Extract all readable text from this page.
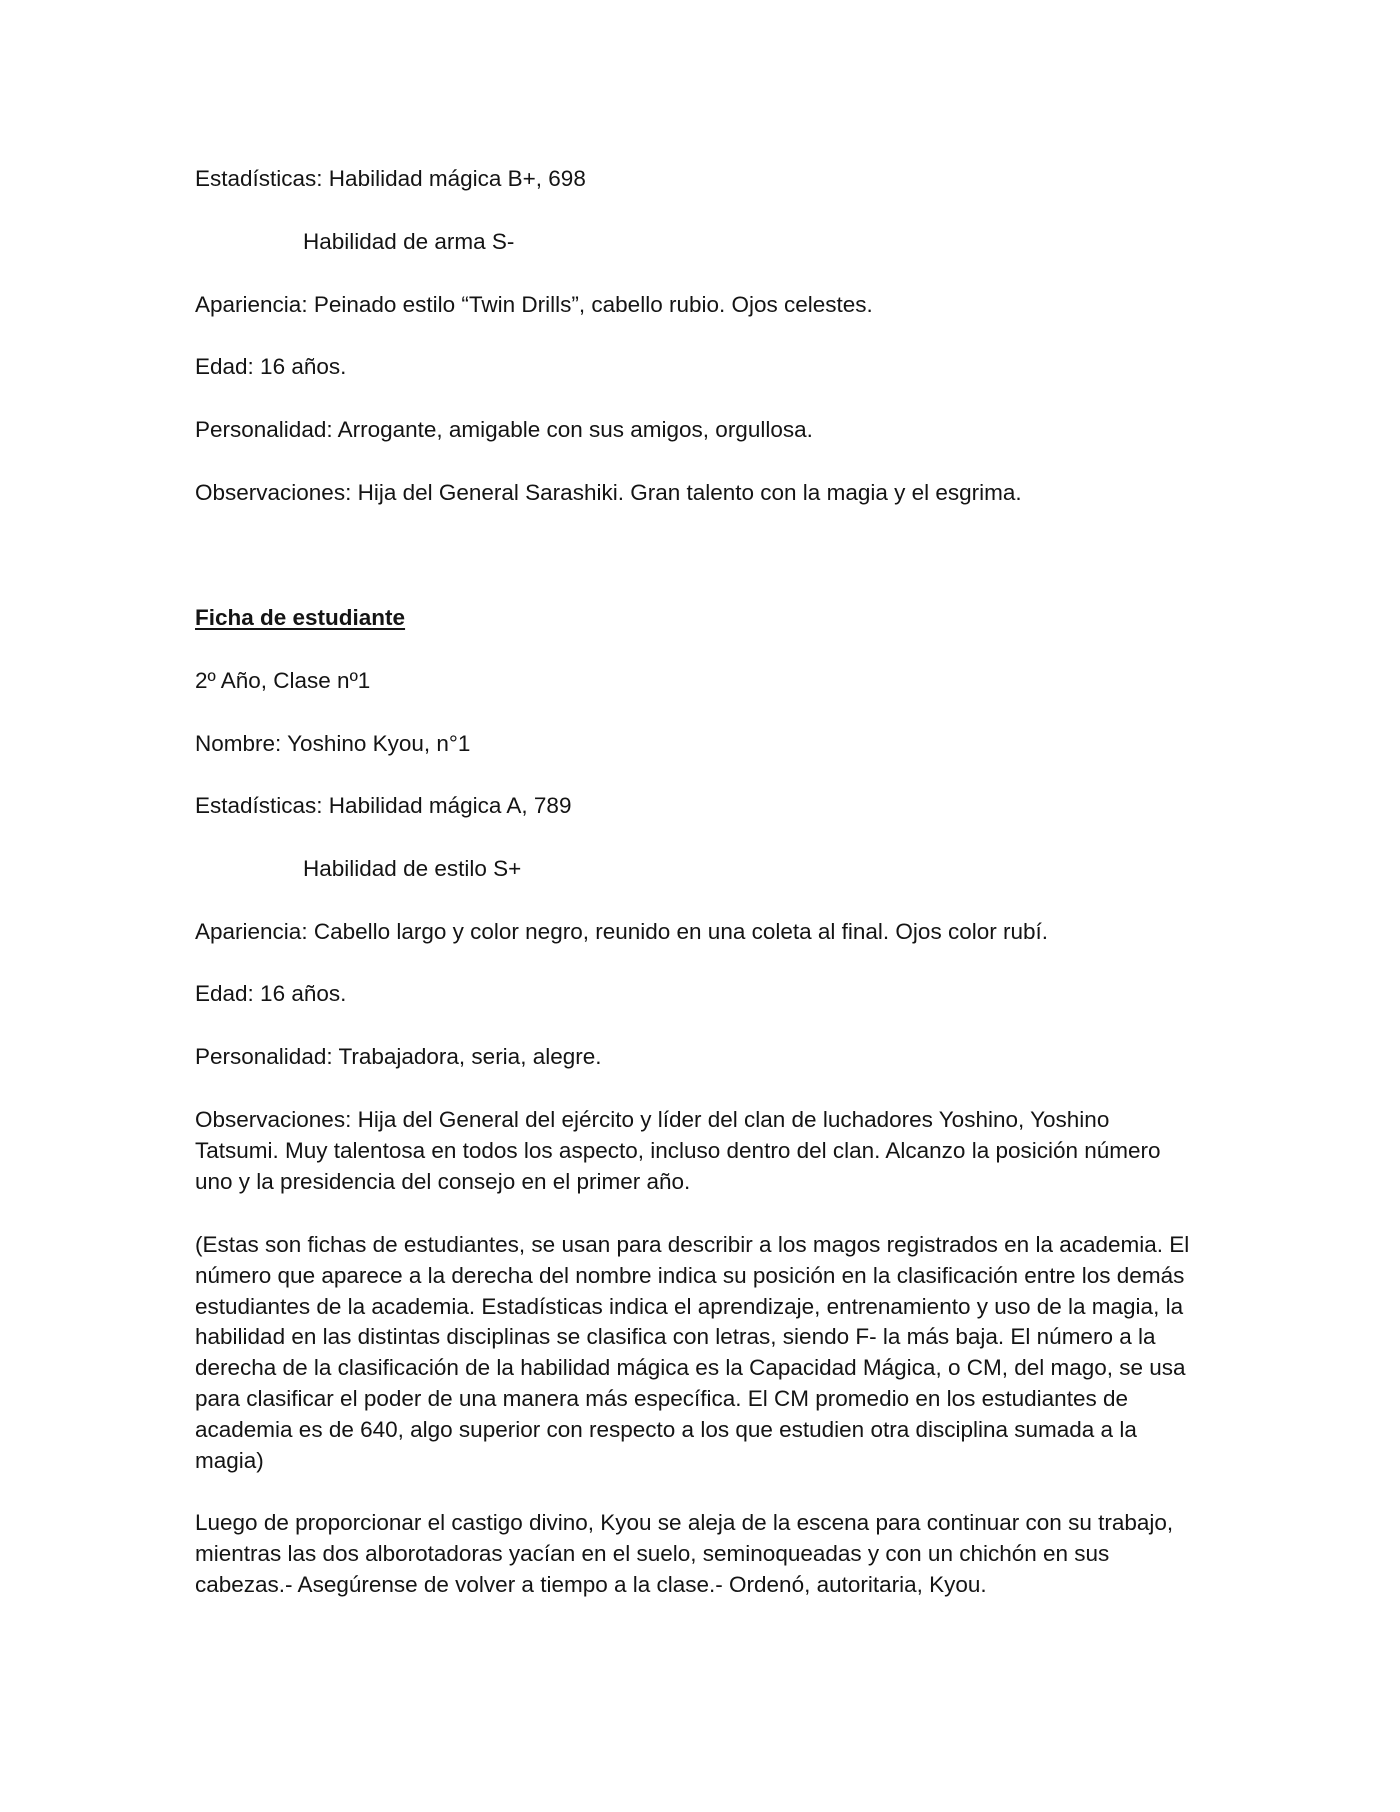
Estadísticas: Habilidad mágica B+, 698
Habilidad de arma S-
Apariencia: Peinado estilo “Twin Drills”, cabello rubio. Ojos celestes.
Edad: 16 años.
Personalidad: Arrogante, amigable con sus amigos, orgullosa.
Observaciones: Hija del General Sarashiki. Gran talento con la magia y el esgrima.
Ficha de estudiante
2º Año, Clase nº1
Nombre: Yoshino Kyou, n°1
Estadísticas: Habilidad mágica A, 789
Habilidad de estilo S+
Apariencia: Cabello largo y color negro, reunido en una coleta al final. Ojos color rubí.
Edad: 16 años.
Personalidad: Trabajadora, seria, alegre.
Observaciones: Hija del General del ejército y líder del clan de luchadores Yoshino, Yoshino
Tatsumi. Muy talentosa en todos los aspecto, incluso dentro del clan. Alcanzo la posición número
uno y la presidencia del consejo en el primer año.
(Estas son fichas de estudiantes, se usan para describir a los magos registrados en la academia. El
número que aparece a la derecha del nombre indica su posición en la clasificación entre los demás
estudiantes de la academia. Estadísticas indica el aprendizaje, entrenamiento y uso de la magia, la
habilidad en las distintas disciplinas se clasifica con letras, siendo F- la más baja. El número a la
derecha de la clasificación de la habilidad mágica es la Capacidad Mágica, o CM, del mago, se usa
para clasificar el poder de una manera más específica. El CM promedio en los estudiantes de
academia es de 640, algo superior con respecto a los que estudien otra disciplina sumada a la
magia)
Luego de proporcionar el castigo divino, Kyou se aleja de la escena para continuar con su trabajo,
mientras las dos alborotadoras yacían en el suelo, seminoqueadas y con un chichón en sus
cabezas.- Asegúrense de volver a tiempo a la clase.- Ordenó, autoritaria, Kyou.
